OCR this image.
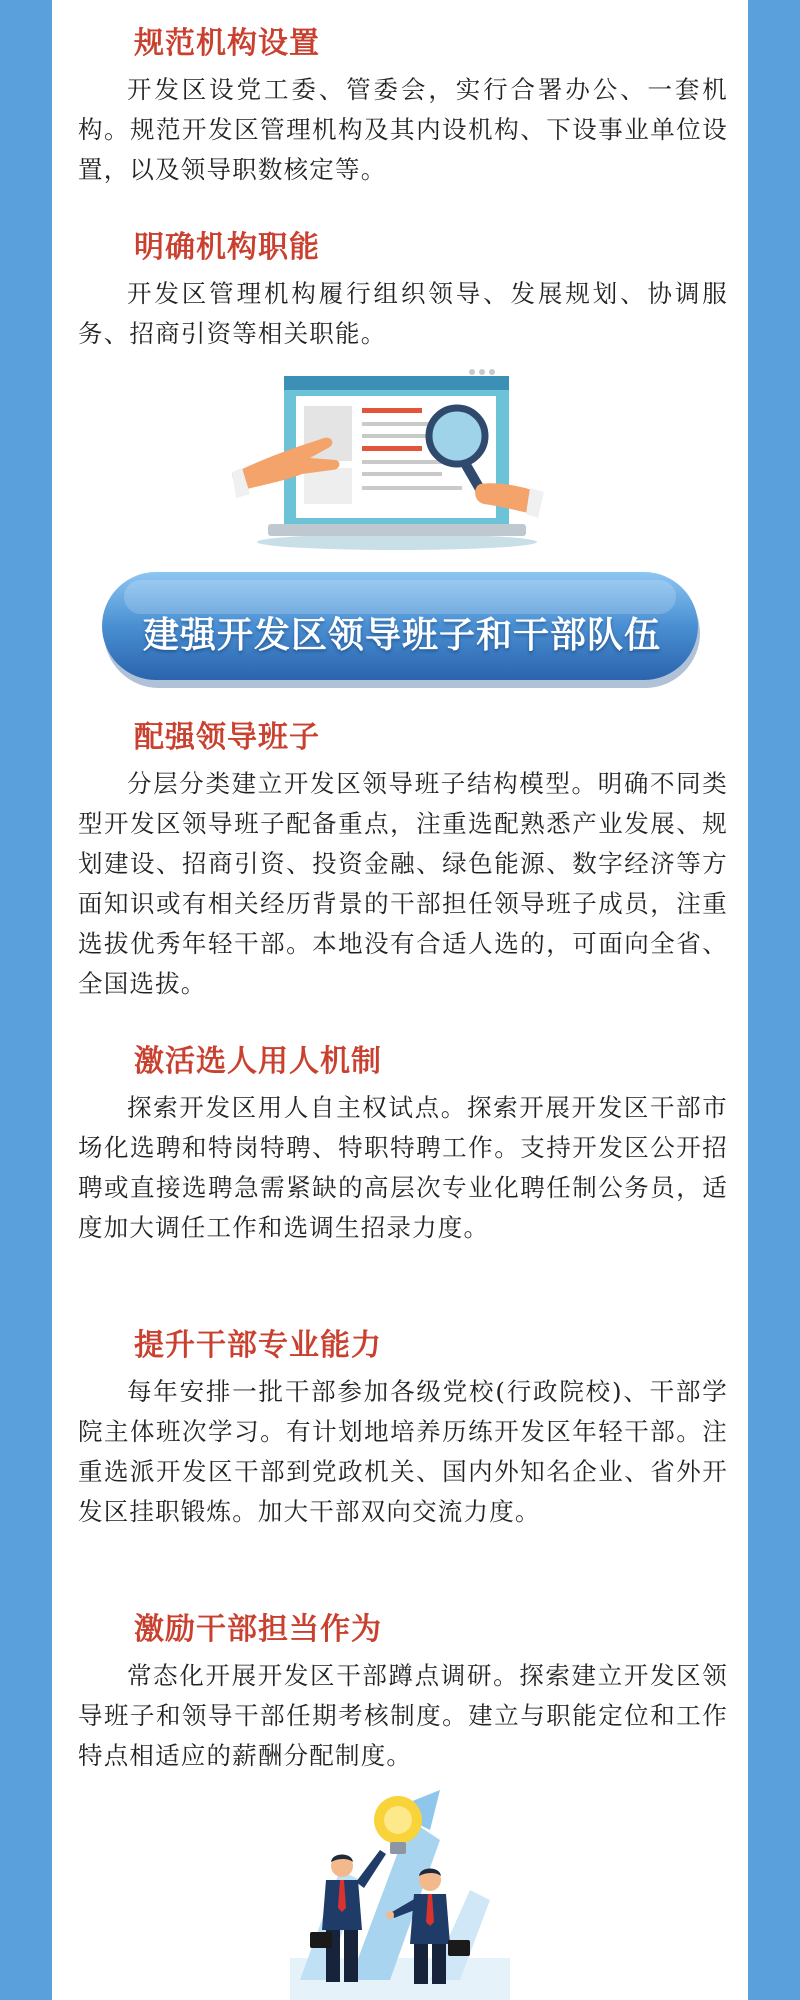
规范机构设置

开发区设党工委、管委会，实行合署办公、一套机构。规范开发区管理机构及其内设机构、下设事业单位设置，以及领导职数核定等。

明确机构职能

开发区管理机构履行组织领导、发展规划、协调服务、招商引资等相关职能。

建强开发区领导班子和干部队伍
配强领导班子

分层分类建立开发区领导班子结构模型。明确不同类型开发区领导班子配备重点，注重选配熟悉产业发展、规划建设、招商引资、投资金融、绿色能源、数字经济等方面知识或有相关经历背景的干部担任领导班子成员，注重选拔优秀年轻干部。本地没有合适人选的，可面向全省、全国选拔。

激活选人用人机制

探索开发区用人自主权试点。探索开展开发区干部市场化选聘和特岗特聘、特职特聘工作。支持开发区公开招聘或直接选聘急需紧缺的高层次专业化聘任制公务员，适度加大调任工作和选调生招录力度。

提升干部专业能力

每年安排一批干部参加各级党校(行政院校)、干部学院主体班次学习。有计划地培养历练开发区年轻干部。注重选派开发区干部到党政机关、国内外知名企业、省外开发区挂职锻炼。加大干部双向交流力度。

激励干部担当作为

常态化开展开发区干部蹲点调研。探索建立开发区领导班子和领导干部任期考核制度。建立与职能定位和工作特点相适应的薪酬分配制度。
